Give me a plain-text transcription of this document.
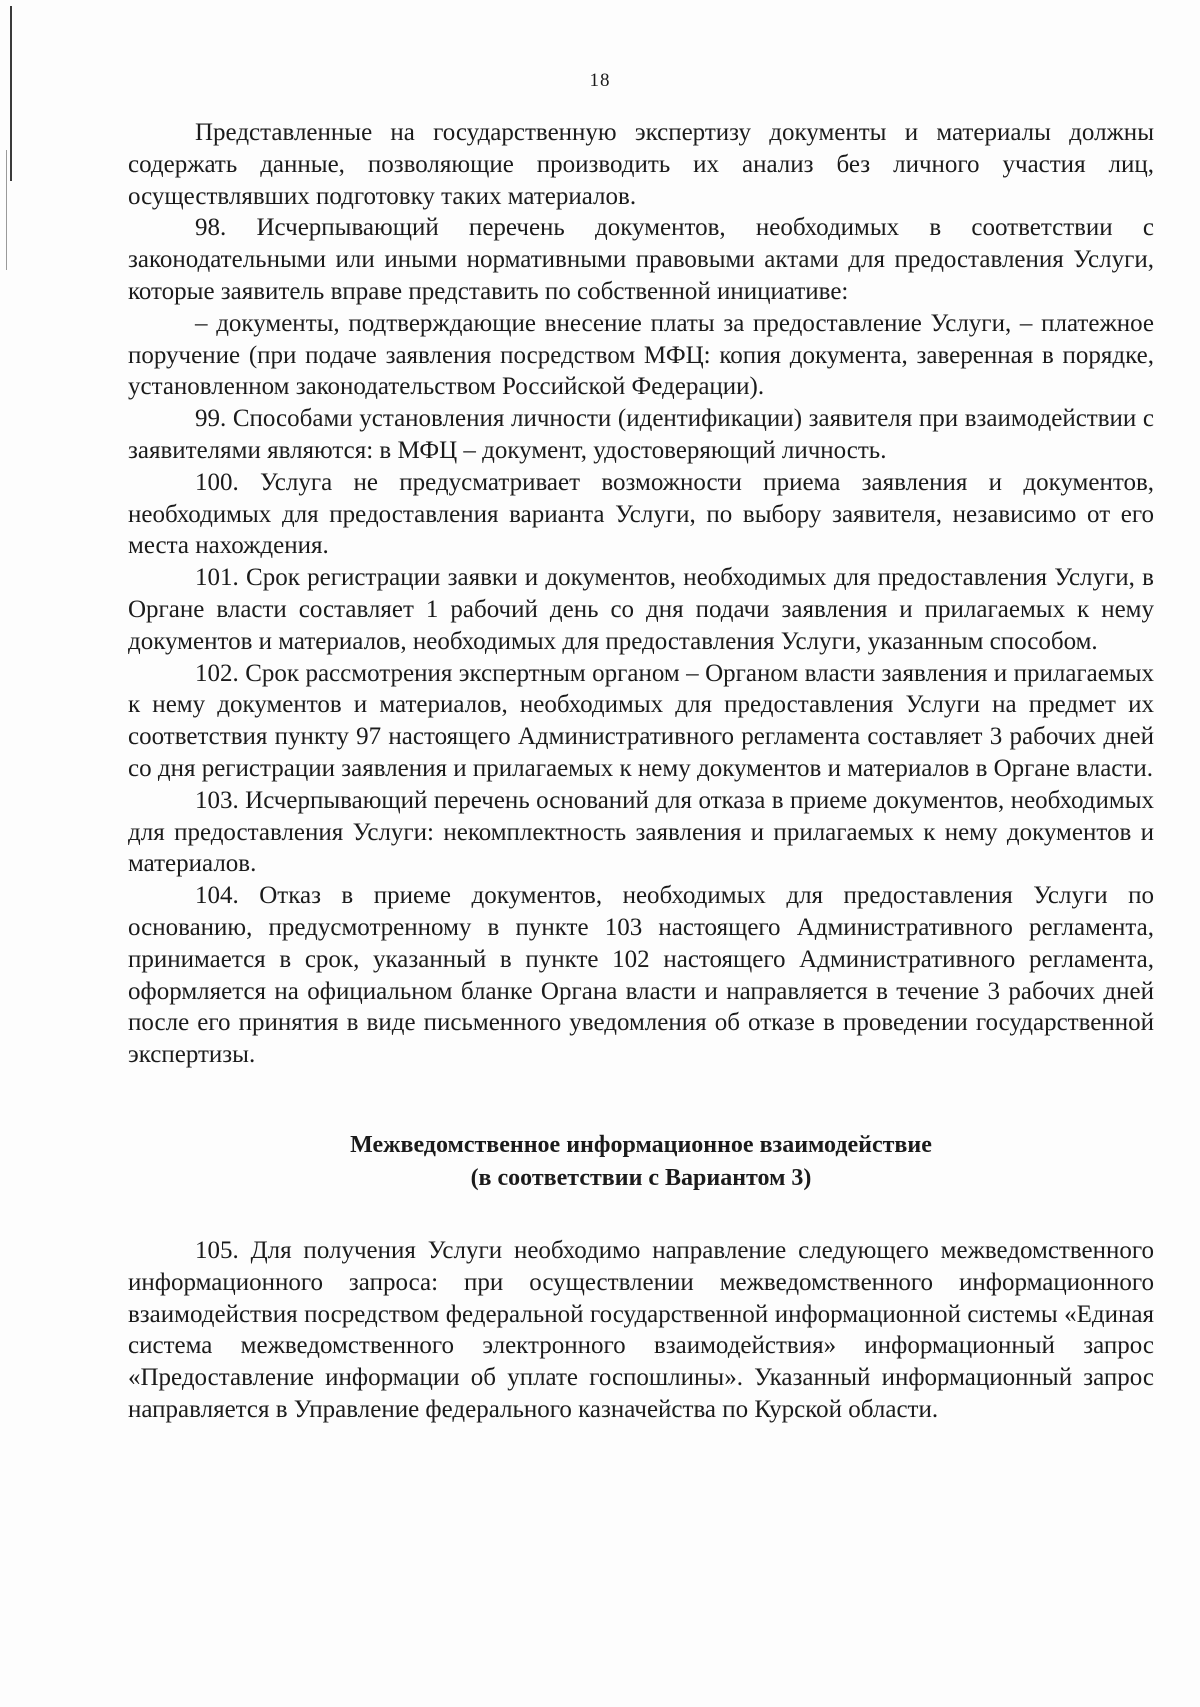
18

Представленные на государственную экспертизу документы и материалы должны содержать данные, позволяющие производить их анализ без личного участия лиц, осуществлявших подготовку таких материалов.

98. Исчерпывающий перечень документов, необходимых в соответствии с законодательными или иными нормативными правовыми актами для предоставления Услуги, которые заявитель вправе представить по собственной инициативе:

– документы, подтверждающие внесение платы за предоставление Услуги, – платежное поручение (при подаче заявления посредством МФЦ: копия документа, заверенная в порядке, установленном законодательством Российской Федерации).

99. Способами установления личности (идентификации) заявителя при взаимодействии с заявителями являются: в МФЦ – документ, удостоверяющий личность.

100. Услуга не предусматривает возможности приема заявления и документов, необходимых для предоставления варианта Услуги, по выбору заявителя, независимо от его места нахождения.

101. Срок регистрации заявки и документов, необходимых для предоставления Услуги, в Органе власти составляет 1 рабочий день со дня подачи заявления и прилагаемых к нему документов и материалов, необходимых для предоставления Услуги, указанным способом.

102. Срок рассмотрения экспертным органом – Органом власти заявления и прилагаемых к нему документов и материалов, необходимых для предоставления Услуги на предмет их соответствия пункту 97 настоящего Административного регламента составляет 3 рабочих дней со дня регистрации заявления и прилагаемых к нему документов и материалов в Органе власти.

103. Исчерпывающий перечень оснований для отказа в приеме документов, необходимых для предоставления Услуги: некомплектность заявления и прилагаемых к нему документов и материалов.

104. Отказ в приеме документов, необходимых для предоставления Услуги по основанию, предусмотренному в пункте 103 настоящего Административного регламента, принимается в срок, указанный в пункте 102 настоящего Административного регламента, оформляется на официальном бланке Органа власти и направляется в течение 3 рабочих дней после его принятия в виде письменного уведомления об отказе в проведении государственной экспертизы.

Межведомственное информационное взаимодействие
(в соответствии с Вариантом 3)

105. Для получения Услуги необходимо направление следующего межведомственного информационного запроса: при осуществлении межведомственного информационного взаимодействия посредством федеральной государственной информационной системы «Единая система межведомственного электронного взаимодействия» информационный запрос «Предоставление информации об уплате госпошлины». Указанный информационный запрос направляется в Управление федерального казначейства по Курской области.
